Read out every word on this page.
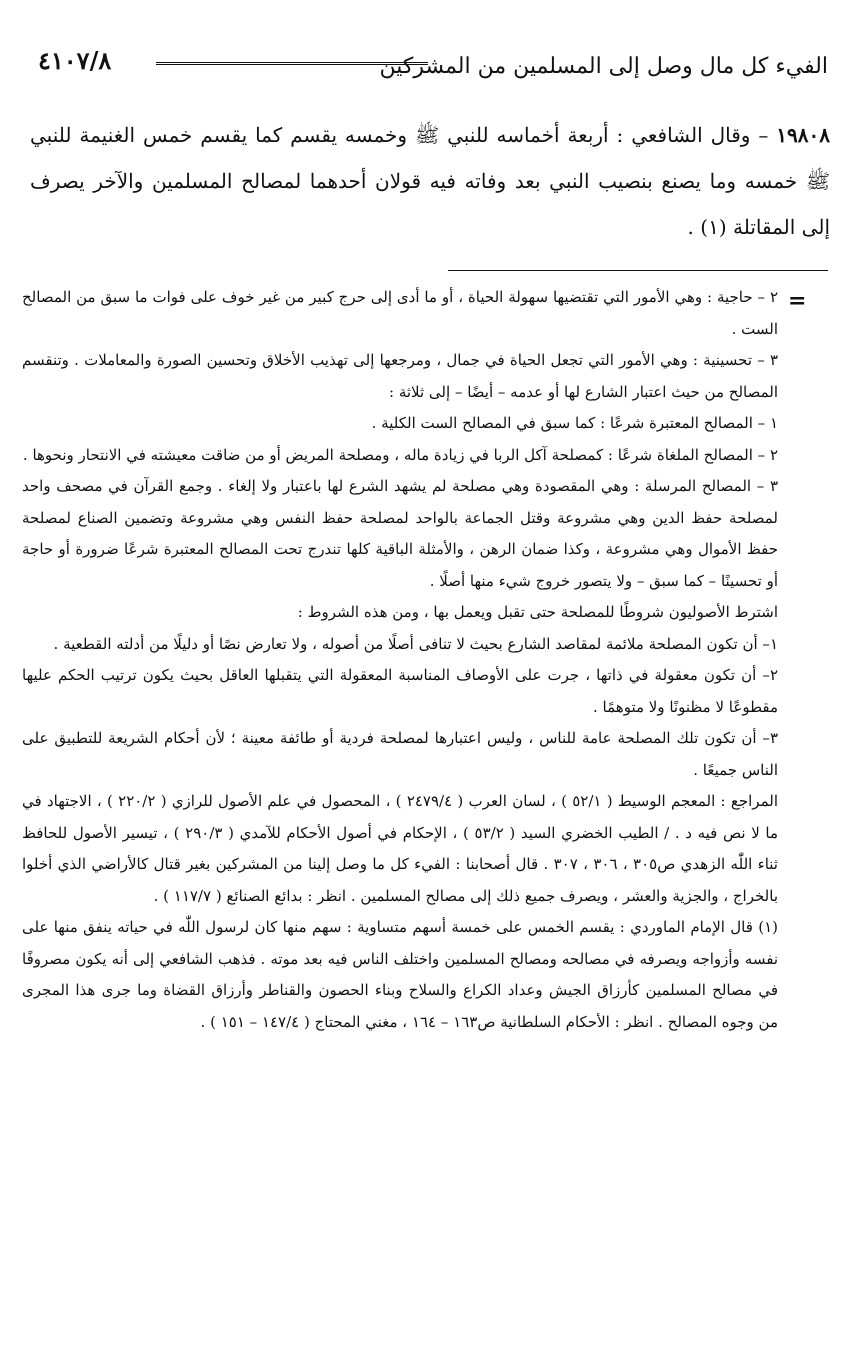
الفيء كل مال وصل إلى المسلمين من المشركين
٤١٠٧/٨
١٩٨٠٨ – وقال الشافعي : أربعة أخماسه للنبي ﷺ وخمسه يقسم كما يقسم خمس الغنيمة للنبي ﷺ خمسه وما يصنع بنصيب النبي بعد وفاته فيه قولان أحدهما لمصالح المسلمين والآخر يصرف إلى المقاتلة (١) .
=

٢ – حاجية : وهي الأمور التي تقتضيها سهولة الحياة ، أو ما أدى إلى حرج كبير من غير خوف على فوات ما سبق من المصالح الست .

٣ – تحسينية : وهي الأمور التي تجعل الحياة في جمال ، ومرجعها إلى تهذيب الأخلاق وتحسين الصورة والمعاملات . وتنقسم المصالح من حيث اعتبار الشارع لها أو عدمه – أيضًا – إلى ثلاثة :

١ – المصالح المعتبرة شرعًا : كما سبق في المصالح الست الكلية .

٢ – المصالح الملغاة شرعًا : كمصلحة آكل الربا في زيادة ماله ، ومصلحة المريض أو من ضاقت معيشته في الانتحار ونحوها .

٣ – المصالح المرسلة : وهي المقصودة وهي مصلحة لم يشهد الشرع لها باعتبار ولا إلغاء . وجمع القرآن في مصحف واحد لمصلحة حفظ الدين وهي مشروعة وقتل الجماعة بالواحد لمصلحة حفظ النفس وهي مشروعة وتضمين الصناع لمصلحة حفظ الأموال وهي مشروعة ، وكذا ضمان الرهن ، والأمثلة الباقية كلها تندرج تحت المصالح المعتبرة شرعًا ضرورة أو حاجة أو تحسينًا – كما سبق – ولا يتصور خروج شيء منها أصلًا .

اشترط الأصوليون شروطًا للمصلحة حتى تقبل ويعمل بها ، ومن هذه الشروط :

١– أن تكون المصلحة ملائمة لمقاصد الشارع بحيث لا تنافى أصلًا من أصوله ، ولا تعارض نصًا أو دليلًا من أدلته القطعية .

٢– أن تكون معقولة في ذاتها ، جرت على الأوصاف المناسبة المعقولة التي يتقبلها العاقل بحيث يكون ترتيب الحكم عليها مقطوعًا لا مظنونًا ولا متوهمًا .

٣– أن تكون تلك المصلحة عامة للناس ، وليس اعتبارها لمصلحة فردية أو طائفة معينة ؛ لأن أحكام الشريعة للتطبيق على الناس جميعًا .

المراجع : المعجم الوسيط ( ٥٢/١ ) ، لسان العرب ( ٢٤٧٩/٤ ) ، المحصول في علم الأصول للرازي ( ٢٢٠/٢ ) ، الاجتهاد في ما لا نص فيه د . / الطيب الخضري السيد ( ٥٣/٢ ) ، الإحكام في أصول الأحكام للآمدي ( ٢٩٠/٣ ) ، تيسير الأصول للحافظ ثناء اللّٰه الزهدي ص٣٠٥ ، ٣٠٦ ، ٣٠٧ . قال أصحابنا : الفيء كل ما وصل إلينا من المشركين بغير قتال كالأراضي الذي أخلوا بالخراج ، والجزية والعشر ، ويصرف جميع ذلك إلى مصالح المسلمين . انظر : بدائع الصنائع ( ١١٧/٧ ) .

(١) قال الإمام الماوردي : يقسم الخمس على خمسة أسهم متساوية : سهم منها كان لرسول اللّٰه في حياته ينفق منها على نفسه وأزواجه ويصرفه في مصالحه ومصالح المسلمين واختلف الناس فيه بعد موته . فذهب الشافعي إلى أنه يكون مصروفًا في مصالح المسلمين كأرزاق الجيش وعداد الكراع والسلاح وبناء الحصون والقناطر وأرزاق القضاة وما جرى هذا المجرى من وجوه المصالح . انظر : الأحكام السلطانية ص١٦٣ – ١٦٤ ، مغني المحتاج ( ١٤٧/٤ – ١٥١ ) .
